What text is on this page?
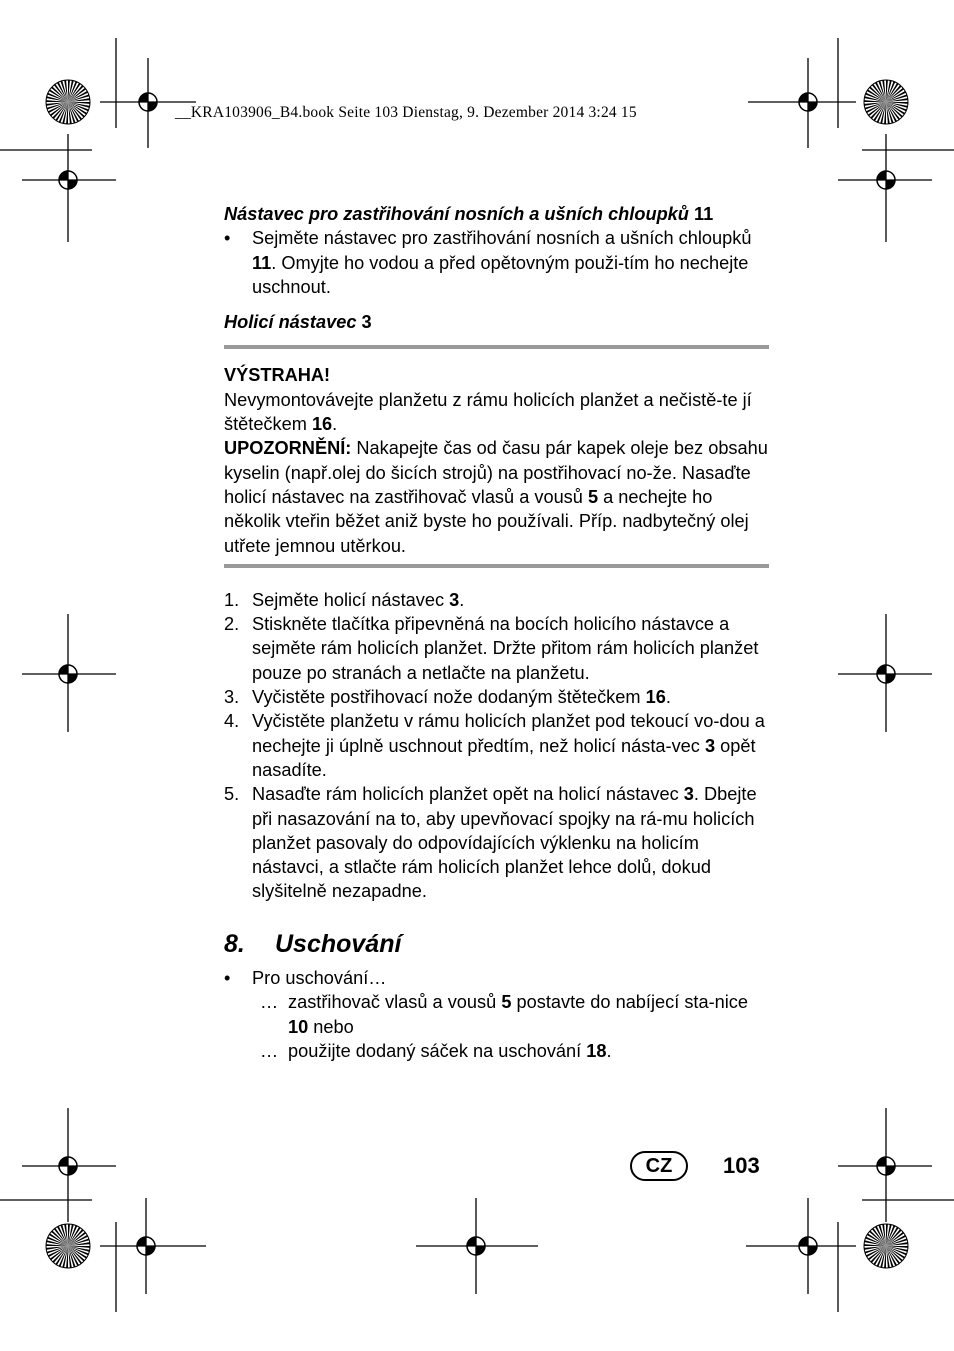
__KRA103906_B4.book Seite 103 Dienstag, 9. Dezember 2014 3:24 15

Nástavec pro zastřihování nosních a ušních chloupků 11

•	Sejměte nástavec pro zastřihování nosních a ušních chloupků 11. Omyjte ho vodou a před opětovným použi-tím ho nechejte uschnout.

Holicí nástavec 3

VÝSTRAHA!

Nevymontovávejte planžetu z rámu holicích planžet a nečistě-te jí štětečkem 16.

UPOZORNĚNÍ: Nakapejte čas od času pár kapek oleje bez obsahu kyselin (např.olej do šicích strojů) na postřihovací no-že. Nasaďte holicí nástavec na zastřihovač vlasů a vousů 5 a nechejte ho několik vteřin běžet aniž byste ho používali. Příp. nadbytečný olej utřete jemnou utěrkou.

1. Sejměte holicí nástavec 3.
2. Stiskněte tlačítka připevněná na bocích holicího nástavce a sejměte rám holicích planžet. Držte přitom rám holicích planžet pouze po stranách a netlačte na planžetu.
3. Vyčistěte postřihovací nože dodaným štětečkem 16.
4. Vyčistěte planžetu v rámu holicích planžet pod tekoucí vo-dou a nechejte ji úplně uschnout předtím, než holicí násta-vec 3 opět nasadíte.
5. Nasaďte rám holicích planžet opět na holicí nástavec 3. Dbejte při nasazování na to, aby upevňovací spojky na rá-mu holicích planžet pasovaly do odpovídajících výklenku na holicím nástavci, a stlačte rám holicích planžet lehce dolů, dokud slyšitelně nezapadne.
8.	Uschování
•	Pro uschování…
… zastřihovač vlasů a vousů 5 postavte do nabíjecí sta-nice 10 nebo
… použijte dodaný sáček na uschování 18.
CZ	103
